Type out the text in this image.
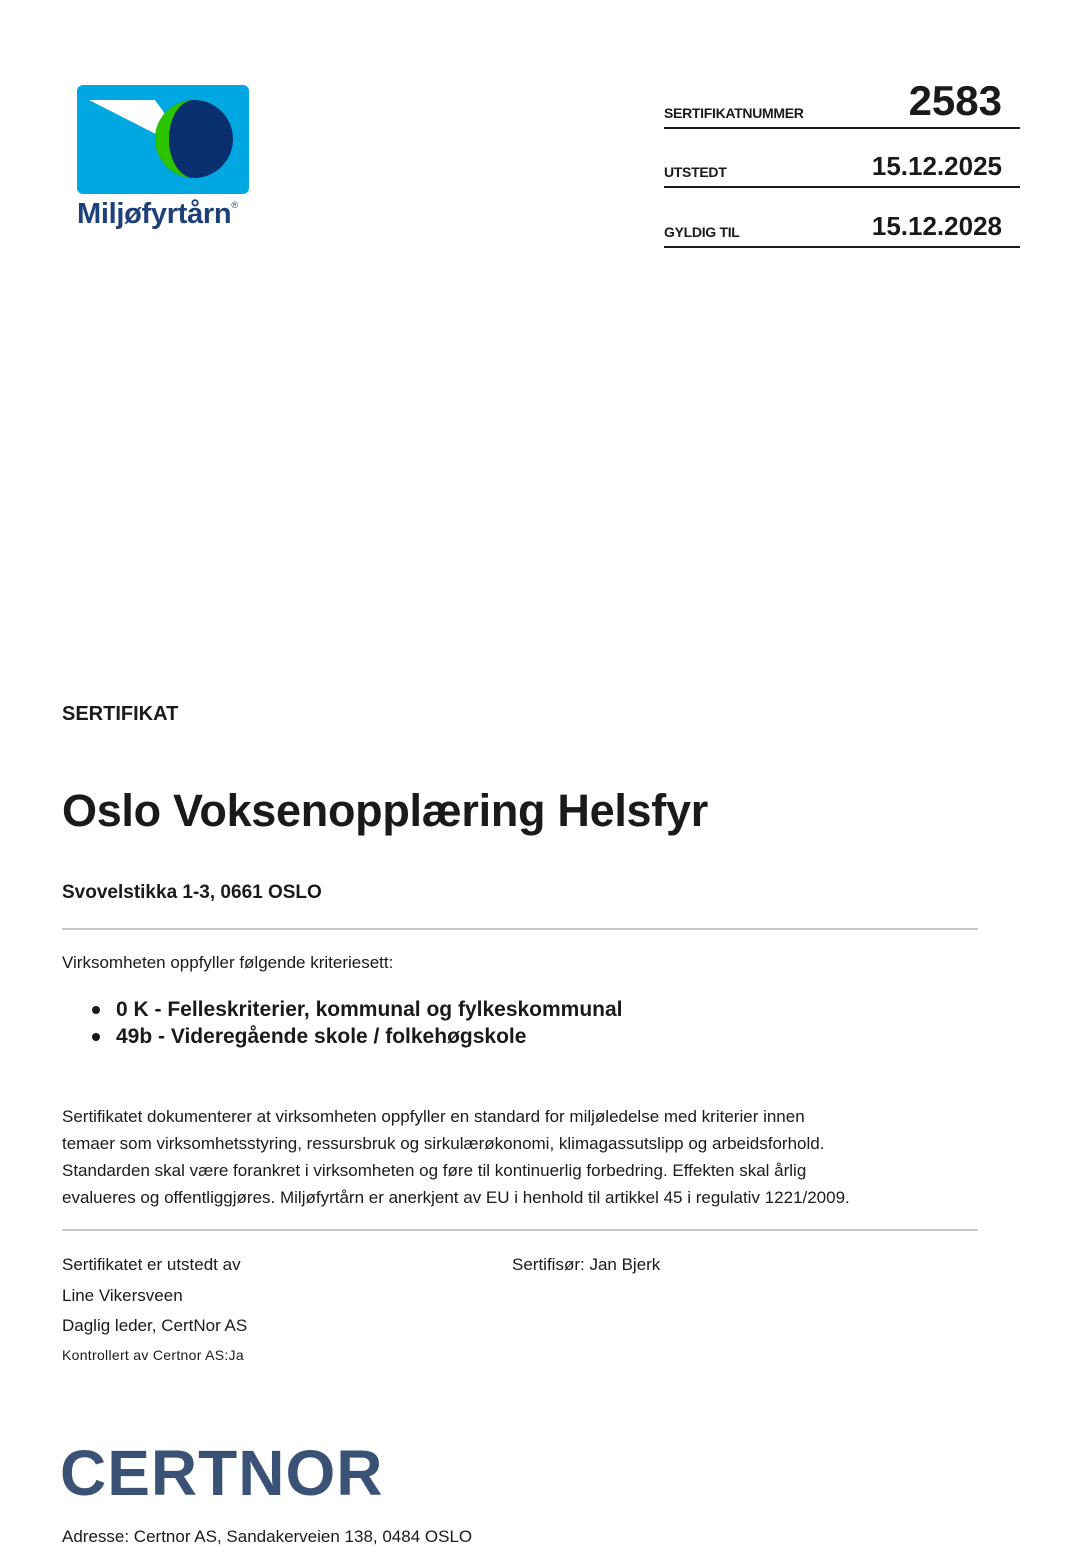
Miljøfyrtårn®
SERTIFIKATNUMMER 2583
UTSTEDT	15.12.2025
GYLDIG TIL	15.12.2028
SERTIFIKAT
Oslo Voksenopplæring Helsfyr
Svovelstikka 1-3, 0661 OSLO
Virksomheten oppfyller følgende kriteriesett:
0 K - Felleskriterier, kommunal og fylkeskommunal
49b - Videregående skole / folkehøgskole
Sertifikatet dokumenterer at virksomheten oppfyller en standard for miljøledelse med kriterier innen
temaer som virksomhetsstyring, ressursbruk og sirkulærøkonomi, klimagassutslipp og arbeidsforhold.
Standarden skal være forankret i virksomheten og føre til kontinuerlig forbedring. Effekten skal årlig
evalueres og offentliggjøres. Miljøfyrtårn er anerkjent av EU i henhold til artikkel 45 i regulativ 1221/2009.
Sertifikatet er utstedt av
Line Vikersveen
Daglig leder, CertNor AS
Kontrollert av Certnor AS:Ja
Sertifisør: Jan Bjerk
CERTNOR
Adresse: Certnor AS, Sandakerveien 138, 0484 OSLO
